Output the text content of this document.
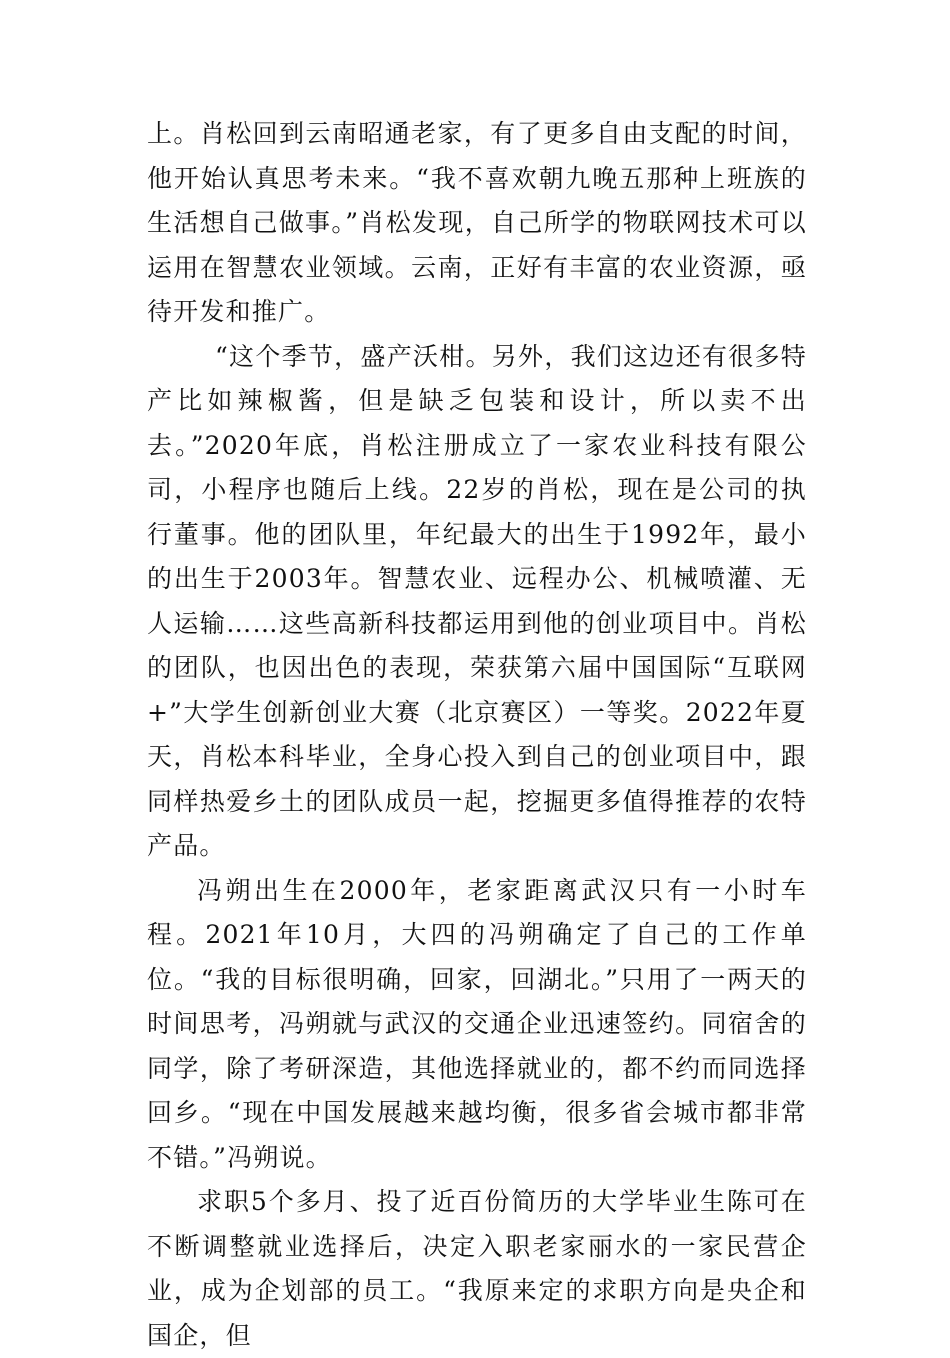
上。肖松回到云南昭通老家，有了更多自由支配的时间，他开始认真思考未来。“我不喜欢朝九晚五那种上班族的生活想自己做事。”肖松发现，自己所学的物联网技术可以运用在智慧农业领域。云南，正好有丰富的农业资源，亟待开发和推广。

“这个季节，盛产沃柑。另外，我们这边还有很多特产比如辣椒酱，但是缺乏包装和设计，所以卖不出去。”2020年底，肖松注册成立了一家农业科技有限公司，小程序也随后上线。22岁的肖松，现在是公司的执行董事。他的团队里，年纪最大的出生于1992年，最小的出生于2003年。智慧农业、远程办公、机械喷灌、无人运输……这些高新科技都运用到他的创业项目中。肖松的团队，也因出色的表现，荣获第六届中国国际“互联网+”大学生创新创业大赛（北京赛区）一等奖。2022年夏天，肖松本科毕业，全身心投入到自己的创业项目中，跟同样热爱乡土的团队成员一起，挖掘更多值得推荐的农特产品。

冯朔出生在2000年，老家距离武汉只有一小时车程。2021年10月，大四的冯朔确定了自己的工作单位。“我的目标很明确，回家，回湖北。”只用了一两天的时间思考，冯朔就与武汉的交通企业迅速签约。同宿舍的同学，除了考研深造，其他选择就业的，都不约而同选择回乡。“现在中国发展越来越均衡，很多省会城市都非常不错。”冯朔说。

求职5个多月、投了近百份简历的大学毕业生陈可在不断调整就业选择后，决定入职老家丽水的一家民营企业，成为企划部的员工。“我原来定的求职方向是央企和国企，但
